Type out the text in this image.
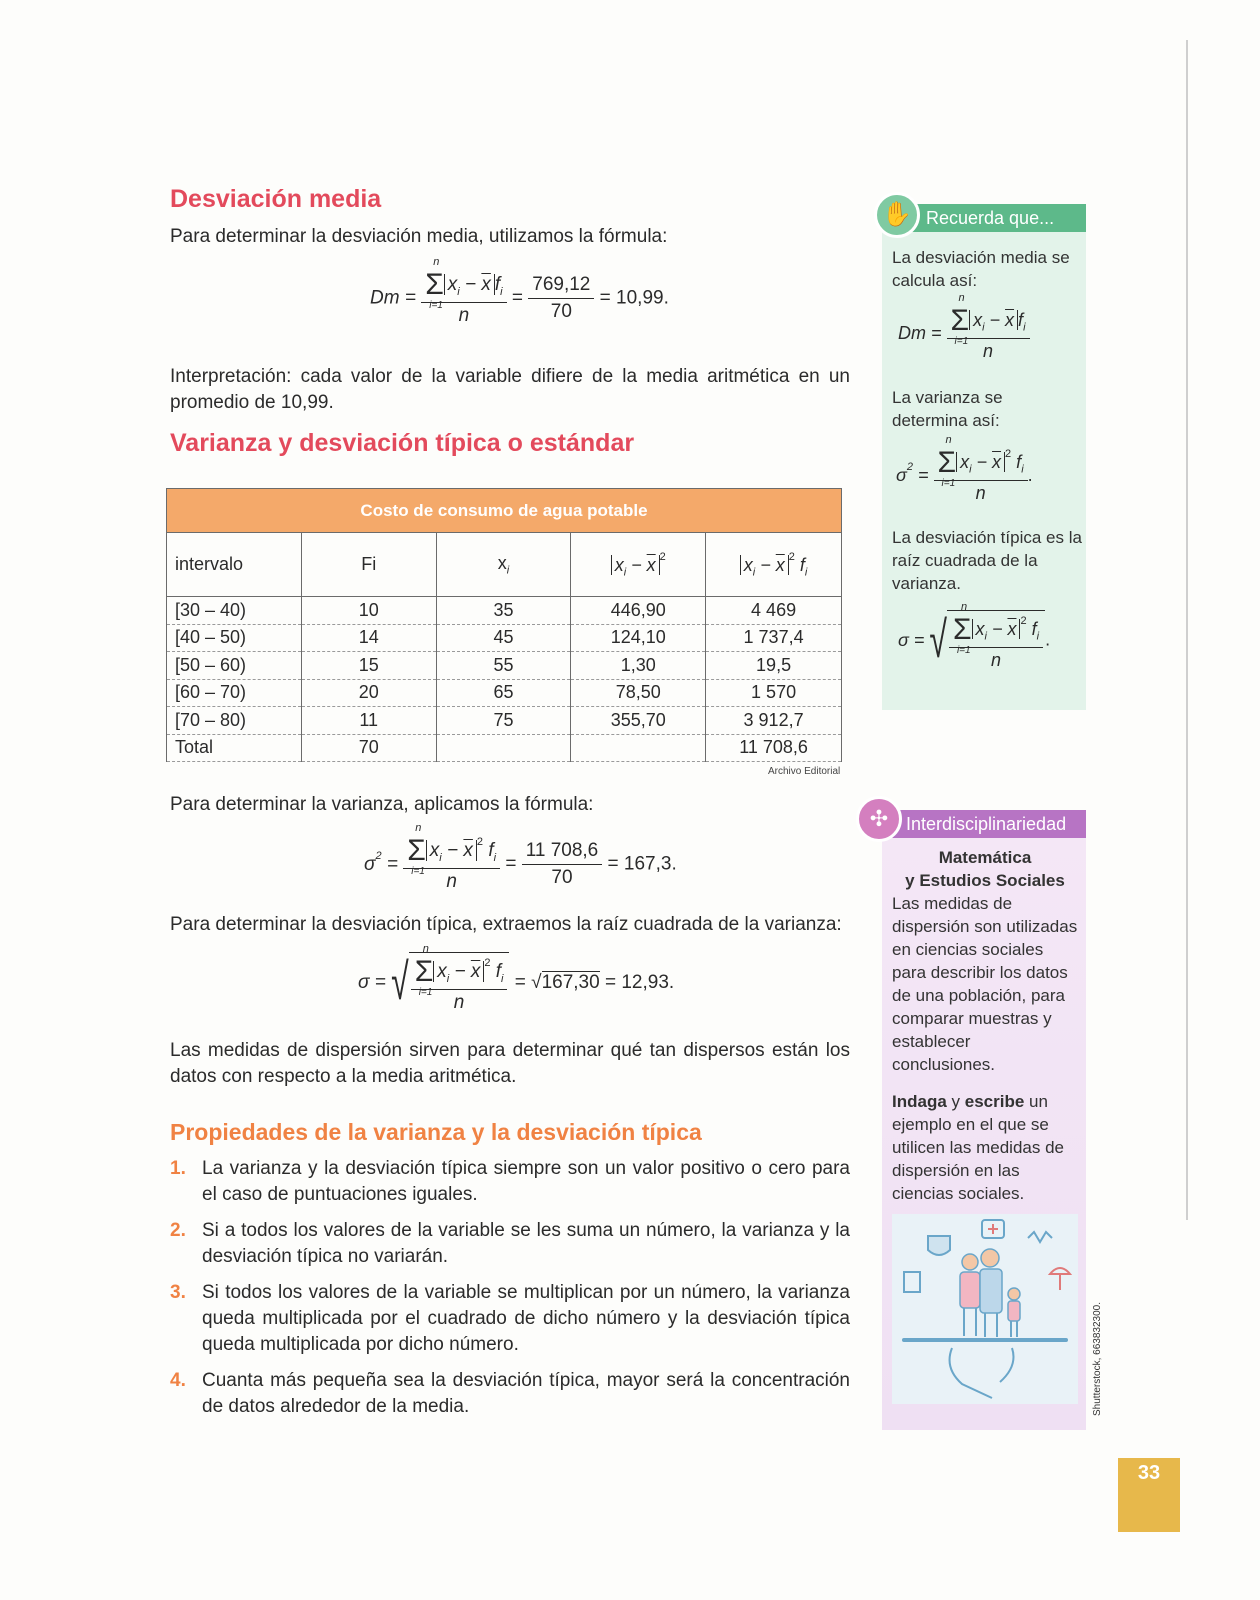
Desviación media

Para determinar la desviación media, utilizamos la fórmula:

Dm = Σ
n
i=1
$x_i - \overline{x}$ $f_i$
$n = \frac{769,12}{70} = 10,99$.

Interpretación: cada valor de la variable difiere de la media aritmética en un promedio de 10,99.

Varianza y desviación típica o estándar
Costo de consumo de agua potable				
intervalo	Fi	$x_i$	$x_i - \overline{x}$ $^2$	$x_i - \overline{x}$ $^2$ $f_i$
[30 – 40)	10	35	446,90	4 469
[40 – 50)	14	45	124,10	1 737,4
[50 – 60)	15	55	1,30	19,5
[60 – 70)	20	65	78,50	1 570
[70 – 80)	11	75	355,70	3 912,7
Total	70			11 708,6
Archivo Editorial

Para determinar la varianza, aplicamos la fórmula:

$\sigma^2 = \Sigma$
n
i=1
$x_i - \overline{x}$ $^2$ $f_i$
$n = \frac{11 708,6}{70} = 167,3$.

Para determinar la desviación típica, extraemos la raíz cuadrada de la varianza:

σ = √ Σ
n
i=1
$x_i - \overline{x}$ $^2$ $f_i$
n = √167,30 = 12,93.

Las medidas de dispersión sirven para determinar qué tan dispersos están los datos con respecto a la media aritmética.

Propiedades de la varianza y la desviación típica
1. La varianza y la desviación típica siempre son un valor positivo o cero para el caso de puntuaciones iguales.
2. Si a todos los valores de la variable se les suma un número, la varianza y la desviación típica no variarán.
3. Si todos los valores de la variable se multiplican por un número, la varianza queda multiplicada por el cuadrado de dicho número y la desviación típica queda multiplicada por dicho número.
4. Cuanta más pequeña sea la desviación típica, mayor será la concentración de datos alrededor de la media.
Recuerda que...
✋
La desviación media se calcula así:
Dm = Σ
n
i=1
$x_i - \overline{x}$ $f_i$
n
La varianza se determina así:
$\sigma^2 = \Sigma$
n
i=1
$x_i - \overline{x}$ $^2$ $f_i$
n .
La desviación típica es la raíz cuadrada de la varianza.
σ = √ Σ
n
i=1
$x_i - \overline{x}$ $^2$ $f_i$
n .
Interdisciplinariedad
✣
Matemática
y Estudios Sociales
Las medidas de dispersión son utilizadas en ciencias sociales para describir los datos de una población, para comparar muestras y establecer conclusiones.
Indaga y escribe un ejemplo en el que se utilicen las medidas de dispersión en las ciencias sociales.
Shutterstock, 663832300.
33
